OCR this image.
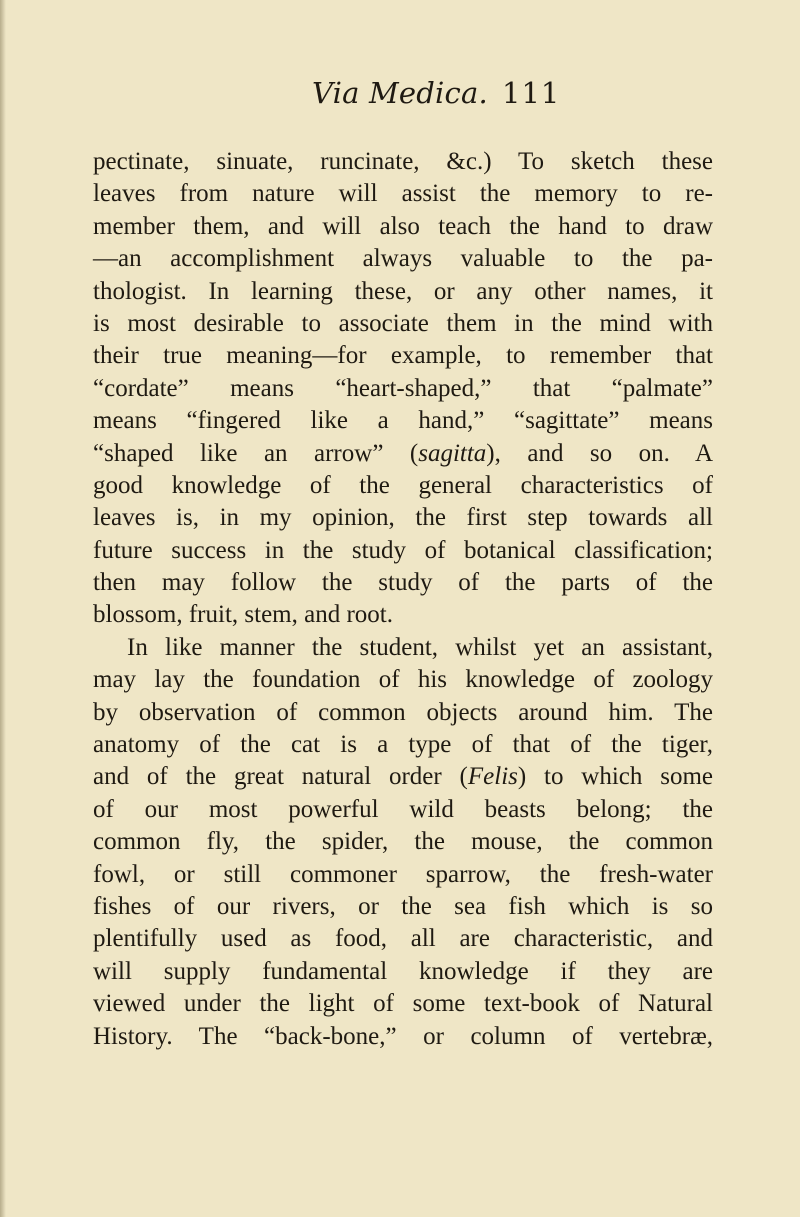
Via Medica. 111
pectinate, sinuate, runcinate, &c.) To sketch these
leaves from nature will assist the memory to re-
member them, and will also teach the hand to draw
—an accomplishment always valuable to the pa-
thologist. In learning these, or any other names, it
is most desirable to associate them in the mind with
their true meaning—for example, to remember that
“cordate” means “heart-shaped,” that “palmate”
means “fingered like a hand,” “sagittate” means
“shaped like an arrow” (sagitta), and so on. A
good knowledge of the general characteristics of
leaves is, in my opinion, the first step towards all
future success in the study of botanical classification;
then may follow the study of the parts of the
blossom, fruit, stem, and root.
In like manner the student, whilst yet an assistant,
may lay the foundation of his knowledge of zoology
by observation of common objects around him. The
anatomy of the cat is a type of that of the tiger,
and of the great natural order (Felis) to which some
of our most powerful wild beasts belong; the
common fly, the spider, the mouse, the common
fowl, or still commoner sparrow, the fresh-water
fishes of our rivers, or the sea fish which is so
plentifully used as food, all are characteristic, and
will supply fundamental knowledge if they are
viewed under the light of some text-book of Natural
History. The “back-bone,” or column of vertebræ,
